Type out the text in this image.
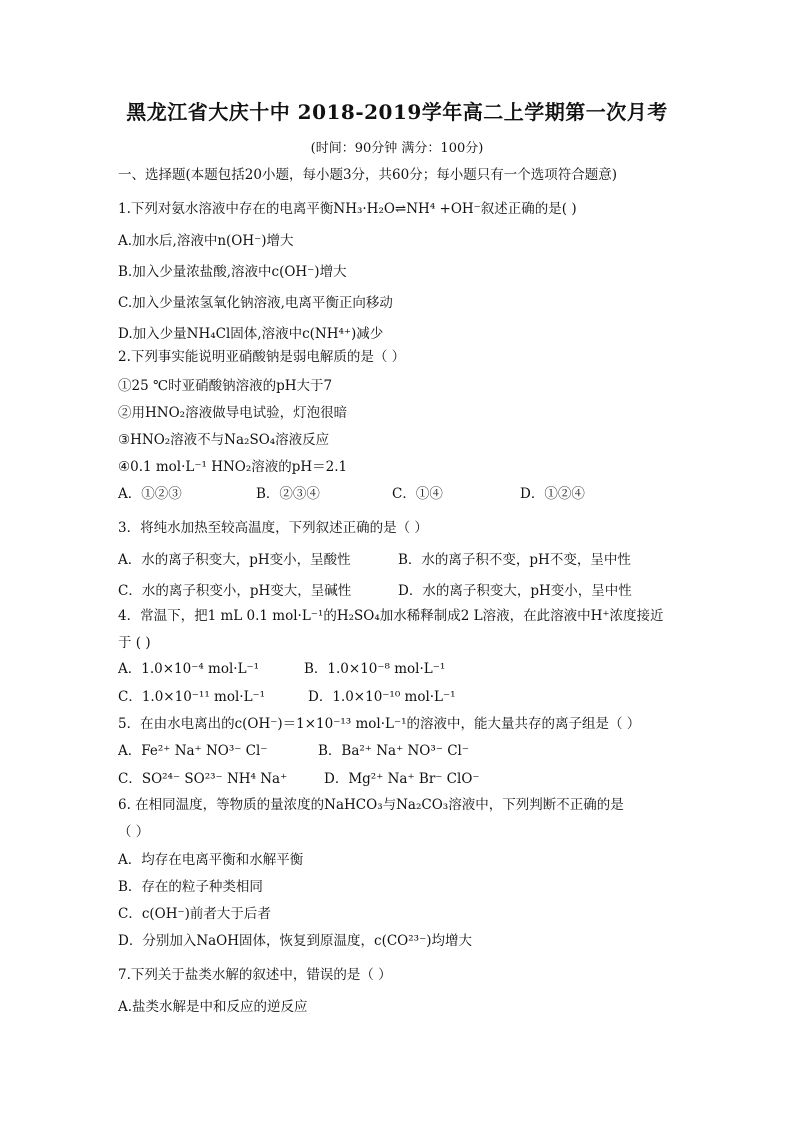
黑龙江省大庆十中 2018-2019学年高二上学期第一次月考
(时间：90分钟 满分：100分)
一、选择题(本题包括20小题，每小题3分，共60分；每小题只有一个选项符合题意)
1.下列对氨水溶液中存在的电离平衡NH₃·H₂O⇌NH⁴ +OH⁻叙述正确的是( )
A.加水后,溶液中n(OH⁻)增大
B.加入少量浓盐酸,溶液中c(OH⁻)增大
C.加入少量浓氢氧化钠溶液,电离平衡正向移动
D.加入少量NH₄Cl固体,溶液中c(NH⁴⁺)减少
2.下列事实能说明亚硝酸钠是弱电解质的是（ ）
①25 ℃时亚硝酸钠溶液的pH大于7
②用HNO₂溶液做导电试验，灯泡很暗
③HNO₂溶液不与Na₂SO₄溶液反应
④0.1 mol·L⁻¹ HNO₂溶液的pH＝2.1
A．①②③	B．②③④	C．①④	D．①②④
3．将纯水加热至较高温度，下列叙述正确的是（ ）
A．水的离子积变大，pH变小，呈酸性	B．水的离子积不变，pH不变，呈中性
C．水的离子积变小，pH变大，呈碱性	D．水的离子积变大，pH变小，呈中性
4．常温下，把1 mL 0.1 mol·L⁻¹的H₂SO₄加水稀释制成2 L溶液，在此溶液中H⁺浓度接近
于 ( )
A．1.0×10⁻⁴ mol·L⁻¹	B．1.0×10⁻⁸ mol·L⁻¹
C．1.0×10⁻¹¹ mol·L⁻¹	D．1.0×10⁻¹⁰ mol·L⁻¹
5．在由水电离出的c(OH⁻)＝1×10⁻¹³ mol·L⁻¹的溶液中，能大量共存的离子组是（ ）
A．Fe²⁺ Na⁺ NO³⁻ Cl⁻	B．Ba²⁺ Na⁺ NO³⁻ Cl⁻
C．SO²⁴⁻ SO²³⁻ NH⁴ Na⁺	D．Mg²⁺ Na⁺ Br⁻ ClO⁻
6. 在相同温度，等物质的量浓度的NaHCO₃与Na₂CO₃溶液中，下列判断不正确的是
（ ）
A．均存在电离平衡和水解平衡
B．存在的粒子种类相同
C．c(OH⁻)前者大于后者
D．分别加入NaOH固体，恢复到原温度，c(CO²³⁻)均增大
7.下列关于盐类水解的叙述中，错误的是（ ）
A.盐类水解是中和反应的逆反应
